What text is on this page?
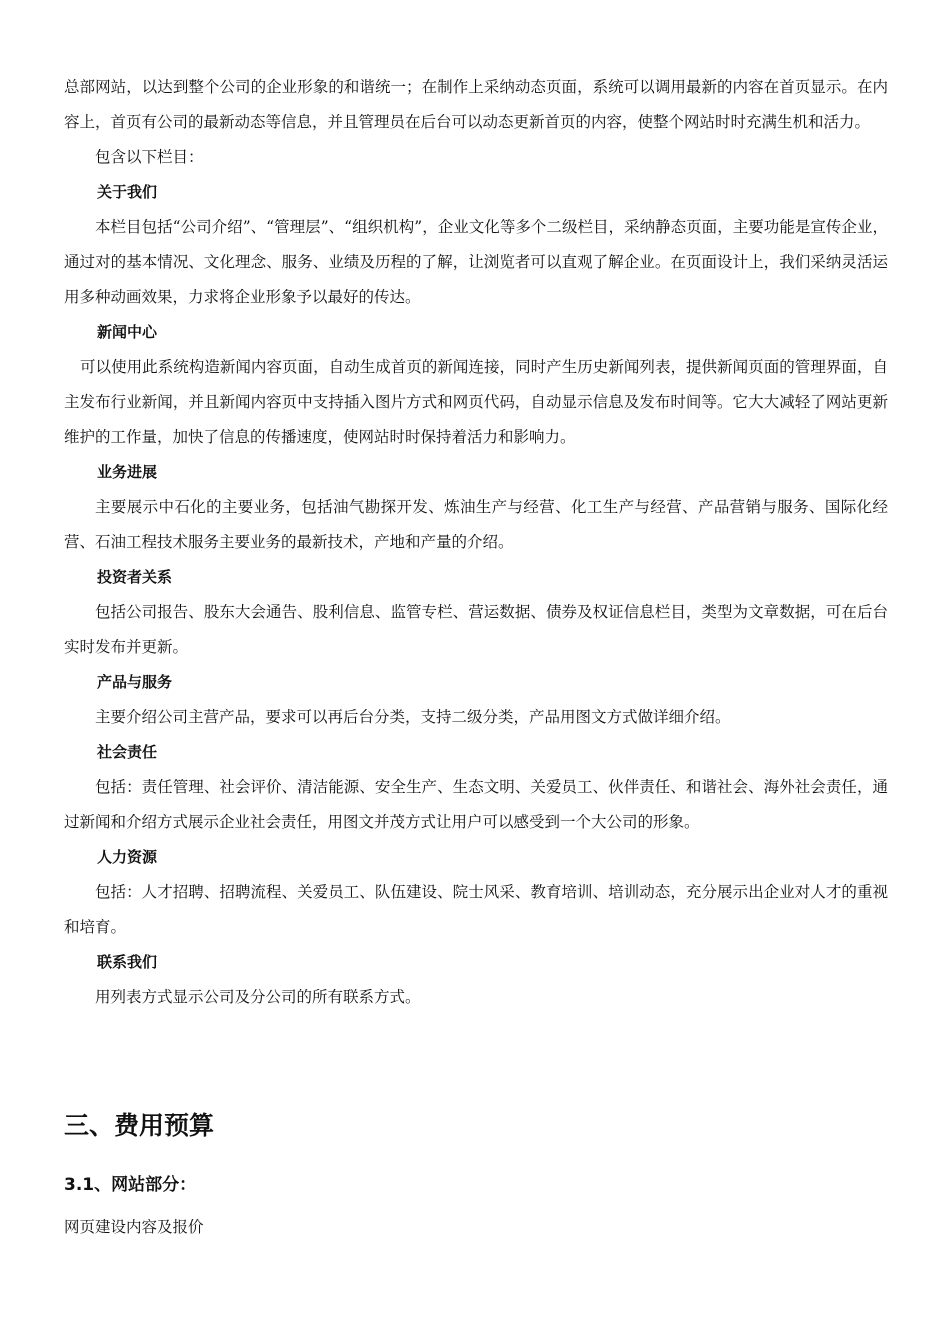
总部网站，以达到整个公司的企业形象的和谐统一；在制作上采纳动态页面，系统可以调用最新的内容在首页显示。在内容上，首页有公司的最新动态等信息，并且管理员在后台可以动态更新首页的内容，使整个网站时时充满生机和活力。

包含以下栏目：

关于我们

本栏目包括“公司介绍”、“管理层”、“组织机构”，企业文化等多个二级栏目，采纳静态页面，主要功能是宣传企业，通过对的基本情况、文化理念、服务、业绩及历程的了解，让浏览者可以直观了解企业。在页面设计上，我们采纳灵活运用多种动画效果，力求将企业形象予以最好的传达。

新闻中心

可以使用此系统构造新闻内容页面，自动生成首页的新闻连接，同时产生历史新闻列表，提供新闻页面的管理界面，自主发布行业新闻，并且新闻内容页中支持插入图片方式和网页代码，自动显示信息及发布时间等。它大大减轻了网站更新维护的工作量，加快了信息的传播速度，使网站时时保持着活力和影响力。

业务进展

主要展示中石化的主要业务，包括油气勘探开发、炼油生产与经营、化工生产与经营、产品营销与服务、国际化经营、石油工程技术服务主要业务的最新技术，产地和产量的介绍。

投资者关系

包括公司报告、股东大会通告、股利信息、监管专栏、营运数据、债券及权证信息栏目，类型为文章数据，可在后台实时发布并更新。

产品与服务

主要介绍公司主营产品，要求可以再后台分类，支持二级分类，产品用图文方式做详细介绍。

社会责任

包括：责任管理、社会评价、清洁能源、安全生产、生态文明、关爱员工、伙伴责任、和谐社会、海外社会责任，通过新闻和介绍方式展示企业社会责任，用图文并茂方式让用户可以感受到一个大公司的形象。

人力资源

包括：人才招聘、招聘流程、关爱员工、队伍建设、院士风采、教育培训、培训动态，充分展示出企业对人才的重视和培育。

联系我们

用列表方式显示公司及分公司的所有联系方式。

三、费用预算
3.1、网站部分：

网页建设内容及报价
